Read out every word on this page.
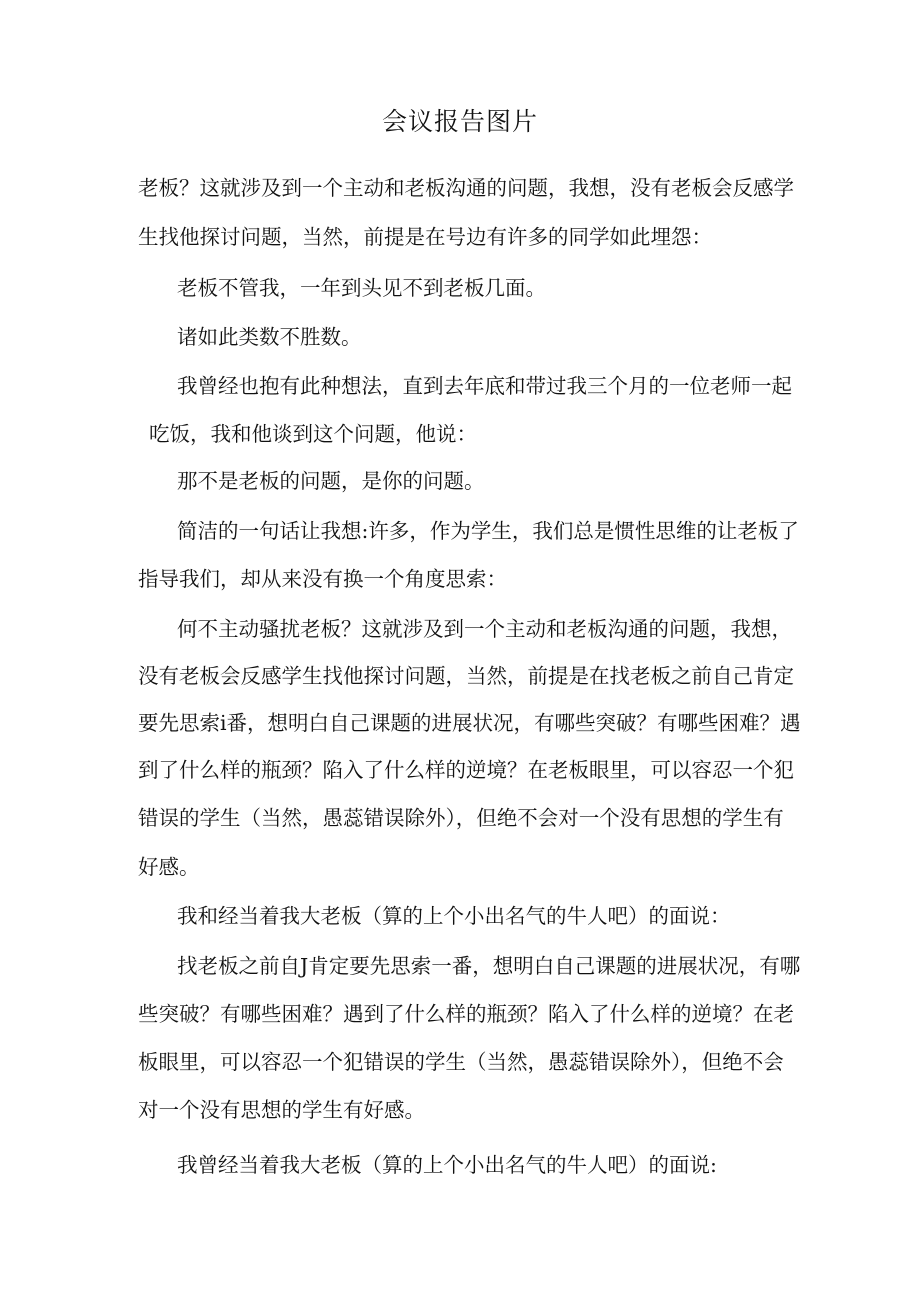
会议报告图片
老板？这就涉及到一个主动和老板沟通的问题，我想，没有老板会反感学
生找他探讨问题，当然，前提是在号边有许多的同学如此埋怨：
老板不管我，一年到头见不到老板几面。
诸如此类数不胜数。
我曾经也抱有此种想法，直到去年底和带过我三个月的一位老师一起
吃饭，我和他谈到这个问题，他说：
那不是老板的问题，是你的问题。
简洁的一句话让我想:许多，作为学生，我们总是惯性思维的让老板了
指导我们，却从来没有换一个角度思索：
何不主动骚扰老板？这就涉及到一个主动和老板沟通的问题，我想，
没有老板会反感学生找他探讨问题，当然，前提是在找老板之前自己肯定
要先思索i番，想明白自己课题的进展状况，有哪些突破？有哪些困难？遇
到了什么样的瓶颈？陷入了什么样的逆境？在老板眼里，可以容忍一个犯
错误的学生（当然，愚蕊错误除外），但绝不会对一个没有思想的学生有
好感。
我和经当着我大老板（算的上个小出名气的牛人吧）的面说：
找老板之前自J肯定要先思索一番，想明白自己课题的进展状况，有哪
些突破？有哪些困难？遇到了什么样的瓶颈？陷入了什么样的逆境？在老
板眼里，可以容忍一个犯错误的学生（当然，愚蕊错误除外），但绝不会
对一个没有思想的学生有好感。
我曾经当着我大老板（算的上个小出名气的牛人吧）的面说:
